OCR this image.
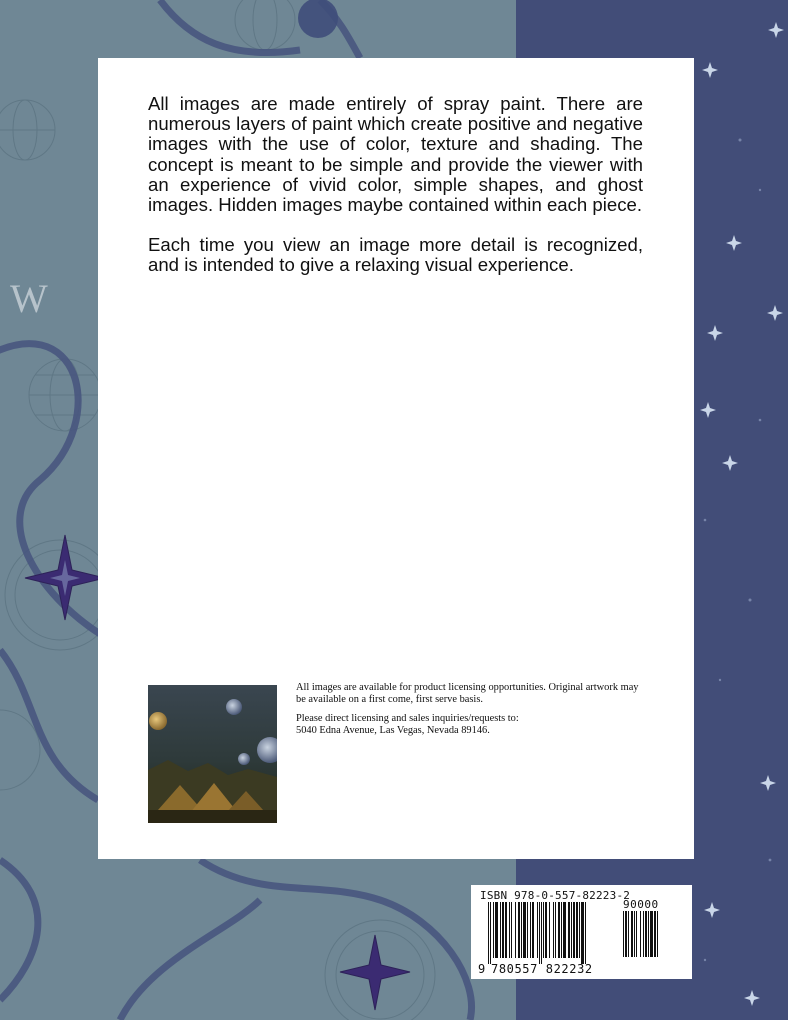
W

All images are made entirely of spray paint. There are numerous layers of paint which create positive and negative images with the use of color, texture and shading. The concept is meant to be simple and provide the viewer with an experience of vivid color, simple shapes, and ghost images. Hidden images maybe contained within each piece.

Each time you view an image more detail is recognized, and is intended to give a relaxing visual experience.

All images are available for product licensing opportunities. Original artwork may be available on a first come, first serve basis.

Please direct licensing and sales inquiries/requests to:
5040 Edna Avenue, Las Vegas, Nevada 89146.
ISBN 978-0-557-82223-2
90000
9 780557 822232
